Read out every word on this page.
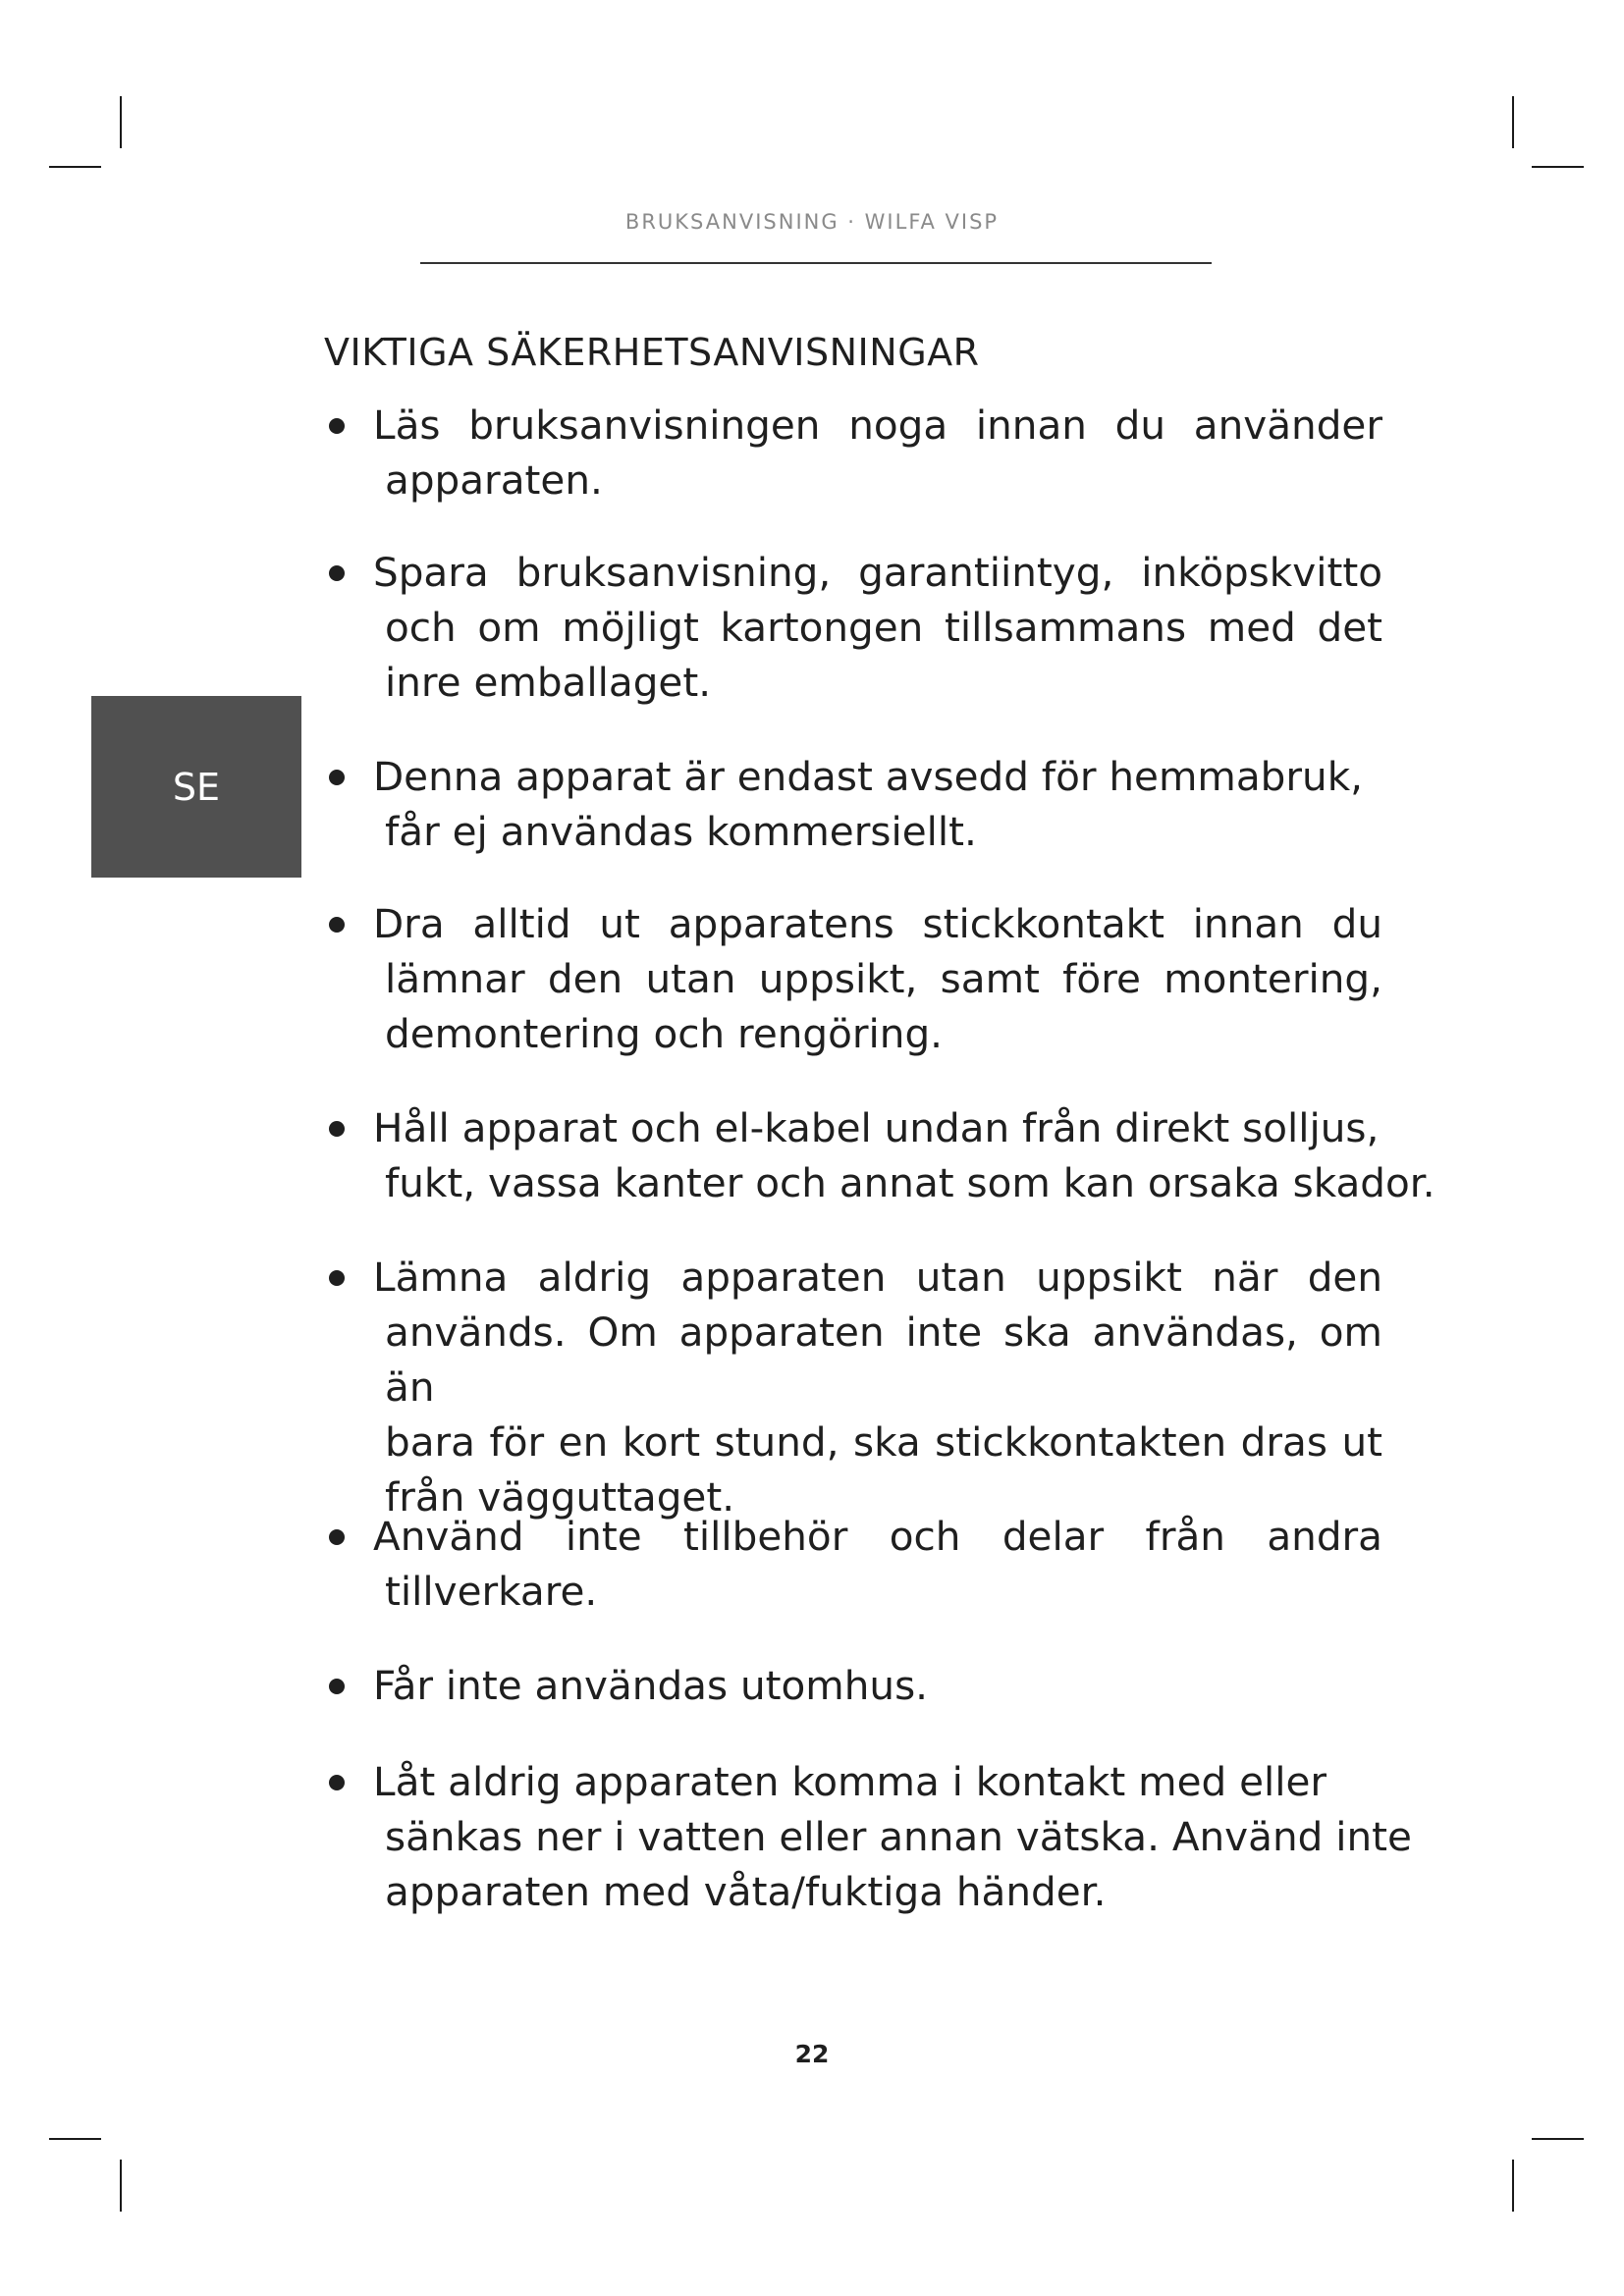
BRUKSANVISNING · WILFA VISP
SE
VIKTIGA SÄKERHETSANVISNINGAR
Läs bruksanvisningen noga innan du använder
apparaten.
Spara bruksanvisning, garantiintyg, inköpskvitto
och om möjligt kartongen tillsammans med det
inre emballaget.
Denna apparat är endast avsedd för hemmabruk,
får ej användas kommersiellt.
Dra alltid ut apparatens stickkontakt innan du
lämnar den utan uppsikt, samt före montering,
demontering och rengöring.
Håll apparat och el-kabel undan från direkt solljus,
fukt, vassa kanter och annat som kan orsaka skador.
Lämna aldrig apparaten utan uppsikt när den
används. Om apparaten inte ska användas, om än
bara för en kort stund, ska stickkontakten dras ut
från vägguttaget.
Använd inte tillbehör och delar från andra
tillverkare.
Får inte användas utomhus.
Låt aldrig apparaten komma i kontakt med eller
sänkas ner i vatten eller annan vätska. Använd inte
apparaten med våta/fuktiga händer.
22
